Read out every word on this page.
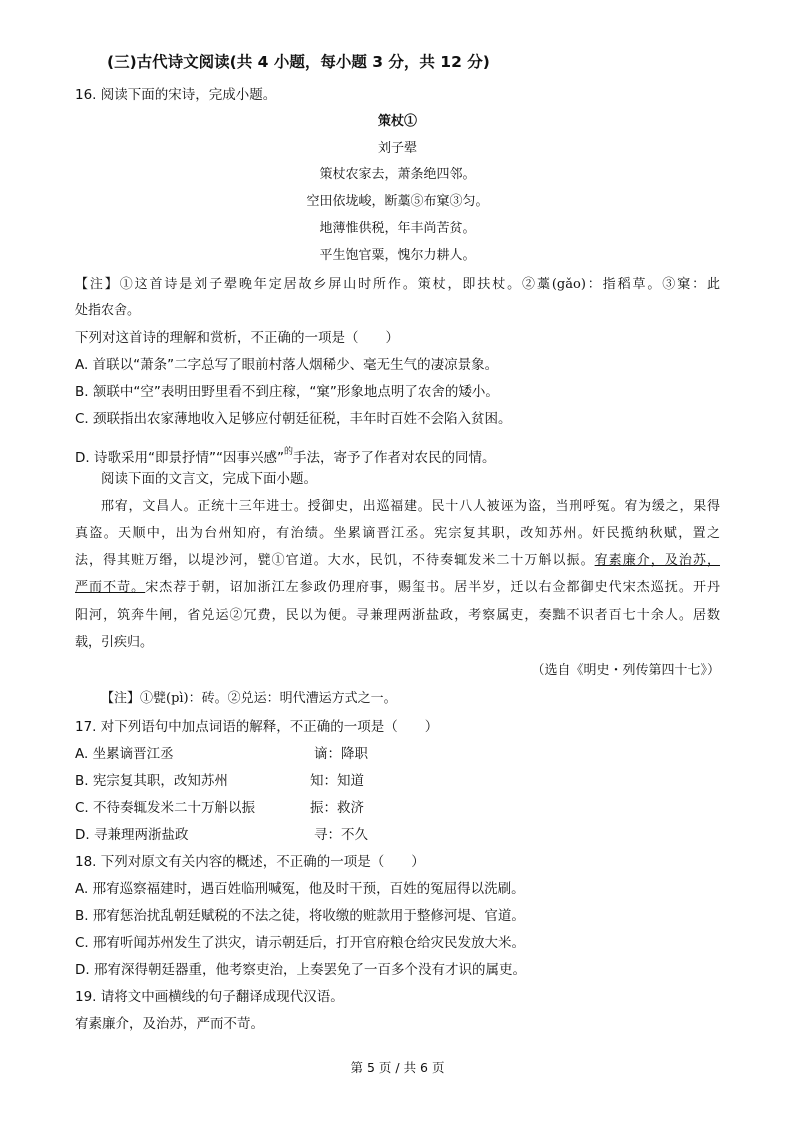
(三)古代诗文阅读(共 4 小题，每小题 3 分，共 12 分)
16. 阅读下面的宋诗，完成小题。
策杖①
刘子翚
策杖农家去，萧条绝四邻。
空田依垅峻，断藁⑤布窠③匀。
地薄惟供税，年丰尚苦贫。
平生饱官粟，愧尔力耕人。
【注】①这首诗是刘子翚晚年定居故乡屏山时所作。策杖，即扶杖。②藁(gǎo)：指稻草。③窠：此
处指农舍。
下列对这首诗的理解和赏析，不正确的一项是（　　）
A. 首联以“萧条”二字总写了眼前村落人烟稀少、毫无生气的凄凉景象。
B. 颔联中“空”表明田野里看不到庄稼，“窠”形象地点明了农舍的矮小。
C. 颈联指出农家薄地收入足够应付朝廷征税，丰年时百姓不会陷入贫困。
D. 诗歌采用“即景抒情”“因事兴感”$^的$手法，寄予了作者对农民的同情。
阅读下面的文言文，完成下面小题。
邢宥，文昌人。正统十三年进士。授御史，出巡福建。民十八人被诬为盗，当刑呼冤。宥为缓之，果得
真盗。天顺中，出为台州知府，有治绩。坐累谪晋江丞。宪宗复其职，改知苏州。奸民揽纳秋赋，置之
法，得其赃万缗，以堤沙河，甓①官道。大水，民饥，不待奏辄发米二十万斛以振。宥素廉介，及治苏，
严而不苛。宋杰荐于朝，诏加浙江左参政仍理府事，赐玺书。居半岁，迁以右佥都御史代宋杰巡抚。开丹
阳河，筑奔牛闸，省兑运②冗费，民以为便。寻兼理两浙盐政，考察属吏，奏黜不识者百七十余人。居数
载，引疾归。
（选自《明史・列传第四十七》）
【注】①甓(pì)：砖。②兑运：明代漕运方式之一。
17. 对下列语句中加点词语的解释，不正确的一项是（　　）
A. 坐累谪晋江丞	谪：降职
B. 宪宗复其职，改知苏州	知：知道
C. 不待奏辄发米二十万斛以振	振：救济
D. 寻兼理两浙盐政	寻：不久
18. 下列对原文有关内容的概述，不正确的一项是（　　）
A. 邢宥巡察福建时，遇百姓临刑喊冤，他及时干预，百姓的冤屈得以洗刷。
B. 邢宥惩治扰乱朝廷赋税的不法之徒，将收缴的赃款用于整修河堤、官道。
C. 邢宥听闻苏州发生了洪灾，请示朝廷后，打开官府粮仓给灾民发放大米。
D. 邢宥深得朝廷器重，他考察吏治，上奏罢免了一百多个没有才识的属吏。
19. 请将文中画横线的句子翻译成现代汉语。
宥素廉介，及治苏，严而不苛。
第 5 页 / 共 6 页
